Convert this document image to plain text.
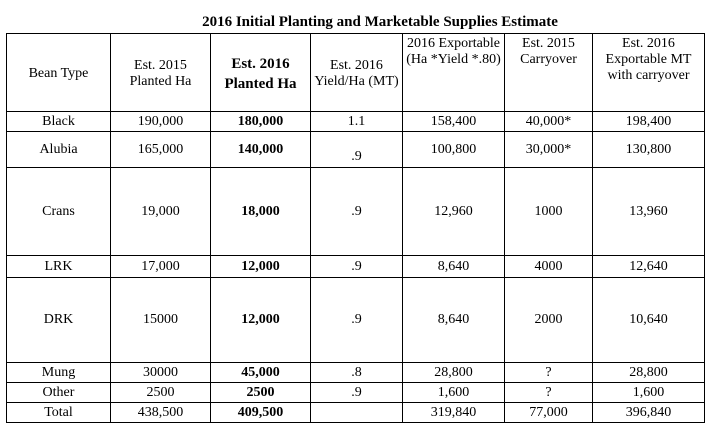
2016 Initial Planting and Marketable Supplies Estimate
Bean Type	Est. 2015 Planted Ha	Est. 2016 Planted Ha	Est. 2016 Yield/Ha (MT)	2016 Exportable (Ha *Yield *.80)	Est. 2015 Carryover	Est. 2016 Exportable MT with carryover
Black	190,000	180,000	1.1	158,400	40,000*	198,400
Alubia	165,000	140,000	.9	100,800	30,000*	130,800
Crans	19,000	18,000	.9	12,960	1000	13,960
LRK	17,000	12,000	.9	8,640	4000	12,640
DRK	15000	12,000	.9	8,640	2000	10,640
Mung	30000	45,000	.8	28,800	?	28,800
Other	2500	2500	.9	1,600	?	1,600
Total	438,500	409,500		319,840	77,000	396,840
